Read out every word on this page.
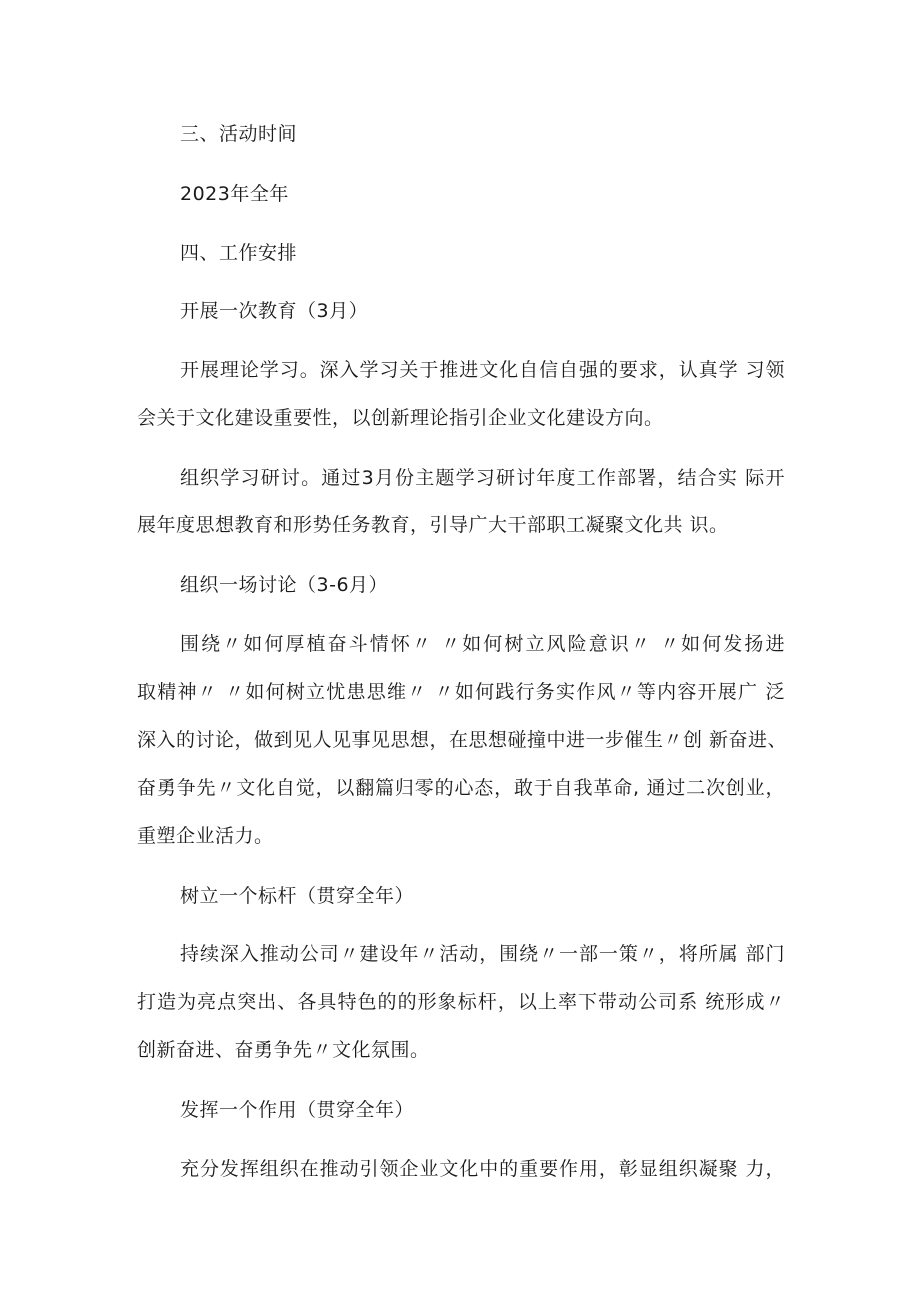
三、活动时间
2023年全年
四、工作安排
开展一次教育（3月）
开展理论学习。深入学习关于推进文化自信自强的要求，认真学 习领
会关于文化建设重要性，以创新理论指引企业文化建设方向。
组织学习研讨。通过3月份主题学习研讨年度工作部署，结合实 际开
展年度思想教育和形势任务教育，引导广大干部职工凝聚文化共 识。
组织一场讨论（3-6月）
围绕〃如何厚植奋斗情怀〃 〃如何树立风险意识〃 〃如何发扬进
取精神〃 〃如何树立忧患思维〃 〃如何践行务实作风〃等内容开展广 泛
深入的讨论，做到见人见事见思想，在思想碰撞中进一步催生〃创 新奋进、
奋勇争先〃文化自觉，以翻篇归零的心态，敢于自我革命, 通过二次创业，
重塑企业活力。
树立一个标杆（贯穿全年）
持续深入推动公司〃建设年〃活动，围绕〃一部一策〃，将所属 部门
打造为亮点突出、各具特色的的形象标杆，以上率下带动公司系 统形成〃
创新奋进、奋勇争先〃文化氛围。
发挥一个作用（贯穿全年）
充分发挥组织在推动引领企业文化中的重要作用，彰显组织凝聚 力，
